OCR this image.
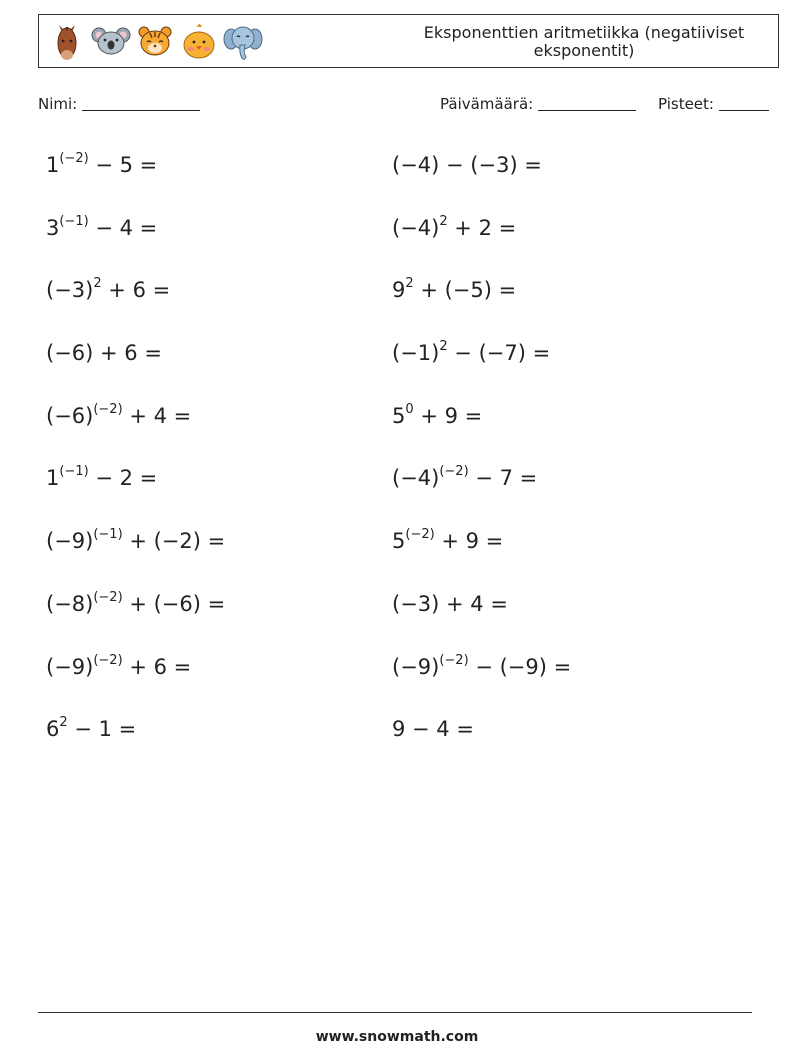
Eksponenttien aritmetiikka (negatiiviset eksponentit)
Nimi:	Päivämäärä:	Pisteet:
$1^{(-2)} - 5$ =	(−4) − (−3) =
$3^{(-1)} - 4$ =	$(-4)^2 + 2$ =
$(-3)^2 + 6$ =	$9^2 + (-5)$ =
(−6) + 6 =	$(-1)^2 - (-7)$ =
$(-6)^{(-2)} + 4$ =	$5^0 + 9$ =
$1^{(-1)} - 2$ =	$(-4)^{(-2)} - 7$ =
$(-9)^{(-1)} + (-2)$ =	$5^{(-2)} + 9$ =
$(-8)^{(-2)} + (-6)$ =	(−3) + 4 =
$(-9)^{(-2)} + 6$ =	$(-9)^{(-2)} - (-9)$ =
$6^2 - 1$ =	9 − 4 =
www.snowmath.com
